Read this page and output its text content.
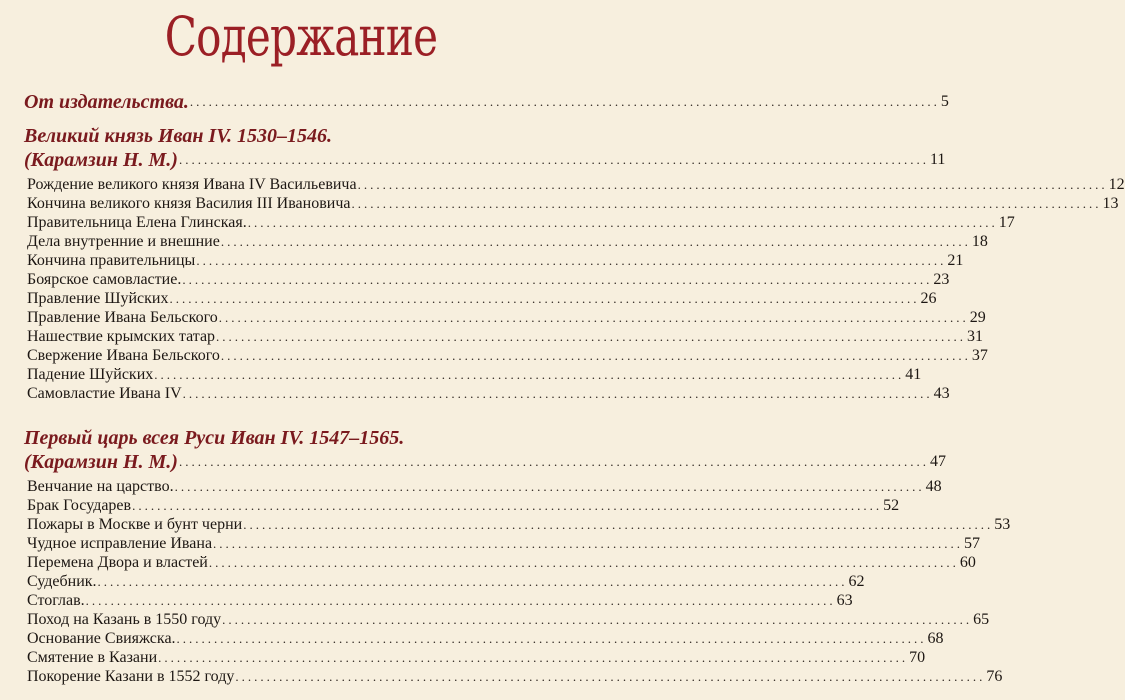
Содержание
От издательства. ........................................................................................................................ 5
Великий князь Иван IV. 1530–1546.
(Карамзин Н. М.) ........................................................................................................................ 11
Рождение великого князя Ивана IV Васильевича ........................................................................................................................ 12
Кончина великого князя Василия III Ивановича ........................................................................................................................ 13
Правительница Елена Глинская. ........................................................................................................................ 17
Дела внутренние и внешние ........................................................................................................................ 18
Кончина правительницы ........................................................................................................................ 21
Боярское самовластие. ........................................................................................................................ 23
Правление Шуйских ........................................................................................................................ 26
Правление Ивана Бельского ........................................................................................................................ 29
Нашествие крымских татар ........................................................................................................................ 31
Свержение Ивана Бельского ........................................................................................................................ 37
Падение Шуйских ........................................................................................................................ 41
Самовластие Ивана IV ........................................................................................................................ 43
Первый царь всея Руси Иван IV. 1547–1565.
(Карамзин Н. М.) ........................................................................................................................ 47
Венчание на царство. ........................................................................................................................ 48
Брак Государев ........................................................................................................................ 52
Пожары в Москве и бунт черни ........................................................................................................................ 53
Чудное исправление Ивана ........................................................................................................................ 57
Перемена Двора и властей ........................................................................................................................ 60
Судебник. ........................................................................................................................ 62
Стоглав. ........................................................................................................................ 63
Поход на Казань в 1550 году ........................................................................................................................ 65
Основание Свияжска. ........................................................................................................................ 68
Смятение в Казани ........................................................................................................................ 70
Покорение Казани в 1552 году ........................................................................................................................ 76
